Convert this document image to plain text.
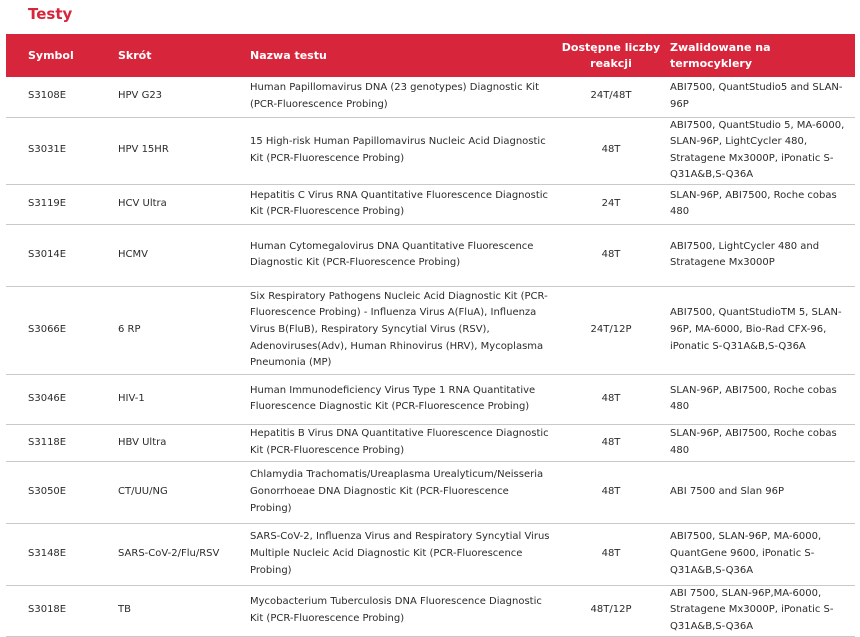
Testy
Symbol	Skrót	Nazwa testu	Dostępne liczby reakcji	Zwalidowane na termocyklery
S3108E	HPV G23	Human Papillomavirus DNA (23 genotypes) Diagnostic Kit (PCR-Fluorescence Probing)	24T/48T	ABI7500, QuantStudio5 and SLAN-96P
S3031E	HPV 15HR	15 High-risk Human Papillomavirus Nucleic Acid Diagnostic Kit (PCR-Fluorescence Probing)	48T	ABI7500, QuantStudio 5, MA-6000, SLAN-96P, LightCycler 480, Stratagene Mx3000P, iPonatic S-Q31A&B,S-Q36A
S3119E	HCV Ultra	Hepatitis C Virus RNA Quantitative Fluorescence Diagnostic Kit (PCR-Fluorescence Probing)	24T	SLAN-96P, ABI7500, Roche cobas 480
S3014E	HCMV	Human Cytomegalovirus DNA Quantitative Fluorescence Diagnostic Kit (PCR-Fluorescence Probing)	48T	ABI7500, LightCycler 480 and Stratagene Mx3000P
S3066E	6 RP	Six Respiratory Pathogens Nucleic Acid Diagnostic Kit (PCR-Fluorescence Probing) - Influenza Virus A(FluA), Influenza Virus B(FluB), Respiratory Syncytial Virus (RSV), Adenoviruses(Adv), Human Rhinovirus (HRV), Mycoplasma Pneumonia (MP)	24T/12P	ABI7500, QuantStudioTM 5, SLAN-96P, MA-6000, Bio-Rad CFX-96, iPonatic S-Q31A&B,S-Q36A
S3046E	HIV-1	Human Immunodeficiency Virus Type 1 RNA Quantitative Fluorescence Diagnostic Kit (PCR-Fluorescence Probing)	48T	SLAN-96P, ABI7500, Roche cobas 480
S3118E	HBV Ultra	Hepatitis B Virus DNA Quantitative Fluorescence Diagnostic Kit (PCR-Fluorescence Probing)	48T	SLAN-96P, ABI7500, Roche cobas 480
S3050E	CT/UU/NG	Chlamydia Trachomatis/Ureaplasma Urealyticum/Neisseria Gonorrhoeae DNA Diagnostic Kit (PCR-Fluorescence Probing)	48T	ABI 7500 and Slan 96P
S3148E	SARS-CoV-2/Flu/RSV	SARS-CoV-2, Influenza Virus and Respiratory Syncytial Virus Multiple Nucleic Acid Diagnostic Kit (PCR-Fluorescence Probing)	48T	ABI7500, SLAN-96P, MA-6000, QuantGene 9600, iPonatic S-Q31A&B,S-Q36A
S3018E	TB	Mycobacterium Tuberculosis DNA Fluorescence Diagnostic Kit (PCR-Fluorescence Probing)	48T/12P	ABI 7500, SLAN-96P,MA-6000, Stratagene Mx3000P, iPonatic S-Q31A&B,S-Q36A
